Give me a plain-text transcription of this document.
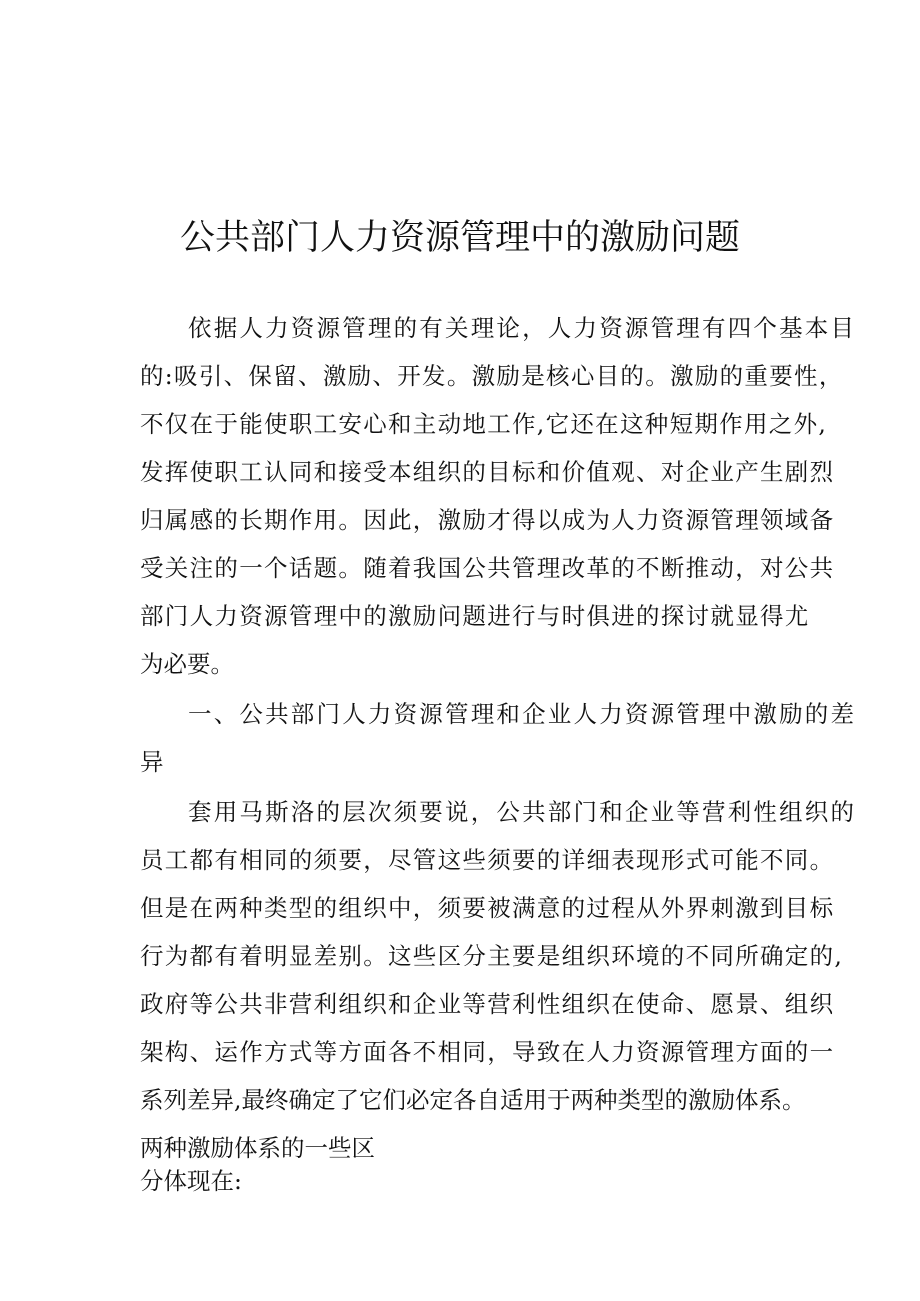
公共部门人力资源管理中的激励问题
依据人力资源管理的有关理论，人力资源管理有四个基本目
的:吸引、保留、激励、开发。激励是核心目的。激励的重要性，
不仅在于能使职工安心和主动地工作,它还在这种短期作用之外,
发挥使职工认同和接受本组织的目标和价值观、对企业产生剧烈
归属感的长期作用。因此，激励才得以成为人力资源管理领域备
受关注的一个话题。随着我国公共管理改革的不断推动，对公共
部门人力资源管理中的激励问题进行与时俱进的探讨就显得尤
为必要。
一、公共部门人力资源管理和企业人力资源管理中激励的差
异
套用马斯洛的层次须要说，公共部门和企业等营利性组织的
员工都有相同的须要，尽管这些须要的详细表现形式可能不同。
但是在两种类型的组织中，须要被满意的过程从外界刺激到目标
行为都有着明显差别。这些区分主要是组织环境的不同所确定的,
政府等公共非营利组织和企业等营利性组织在使命、愿景、组织
架构、运作方式等方面各不相同，导致在人力资源管理方面的一
系列差异,最终确定了它们必定各自适用于两种类型的激励体系。
两种激励体系的一些区
分体现在:
